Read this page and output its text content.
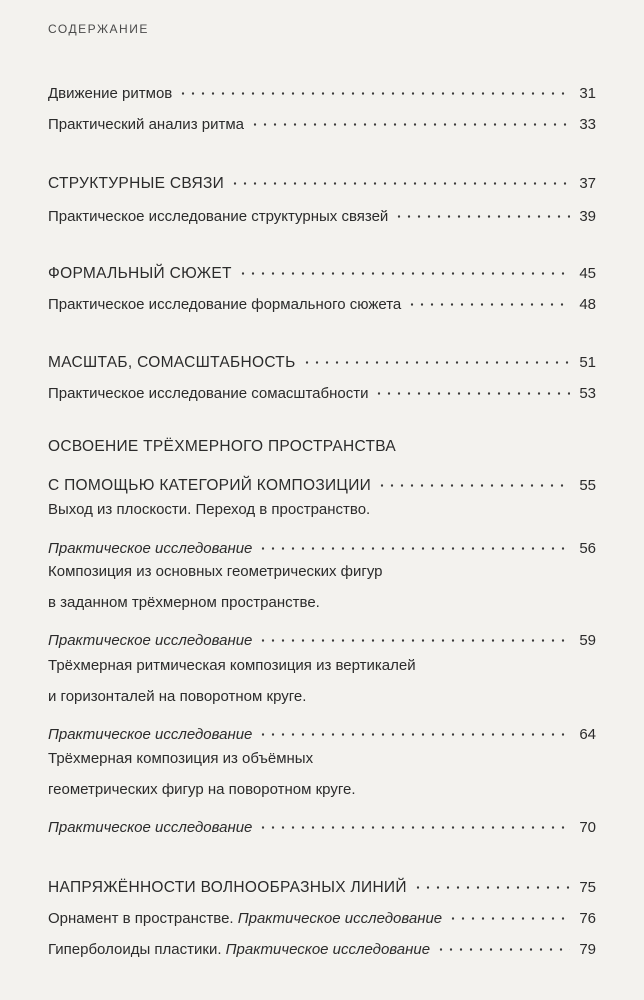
СОДЕРЖАНИЕ
Движение ритмов	31
Практический анализ ритма	33
СТРУКТУРНЫЕ СВЯЗИ	37
Практическое исследование структурных связей	39
ФОРМАЛЬНЫЙ СЮЖЕТ	45
Практическое исследование формального сюжета	48
МАСШТАБ, СОМАСШТАБНОСТЬ	51
Практическое исследование сомасштабности	53
ОСВОЕНИЕ ТРЁХМЕРНОГО ПРОСТРАНСТВА
С ПОМОЩЬЮ КАТЕГОРИЙ КОМПОЗИЦИИ	55
Выход из плоскости. Переход в пространство.
Практическое исследование	56
Композиция из основных геометрических фигур
в заданном трёхмерном пространстве.
Практическое исследование	59
Трёхмерная ритмическая композиция из вертикалей
и горизонталей на поворотном круге.
Практическое исследование	64
Трёхмерная композиция из объёмных
геометрических фигур на поворотном круге.
Практическое исследование	70
НАПРЯЖЁННОСТИ ВОЛНООБРАЗНЫХ ЛИНИЙ	75
Орнамент в пространстве. Практическое исследование	76
Гиперболоиды пластики. Практическое исследование	79
